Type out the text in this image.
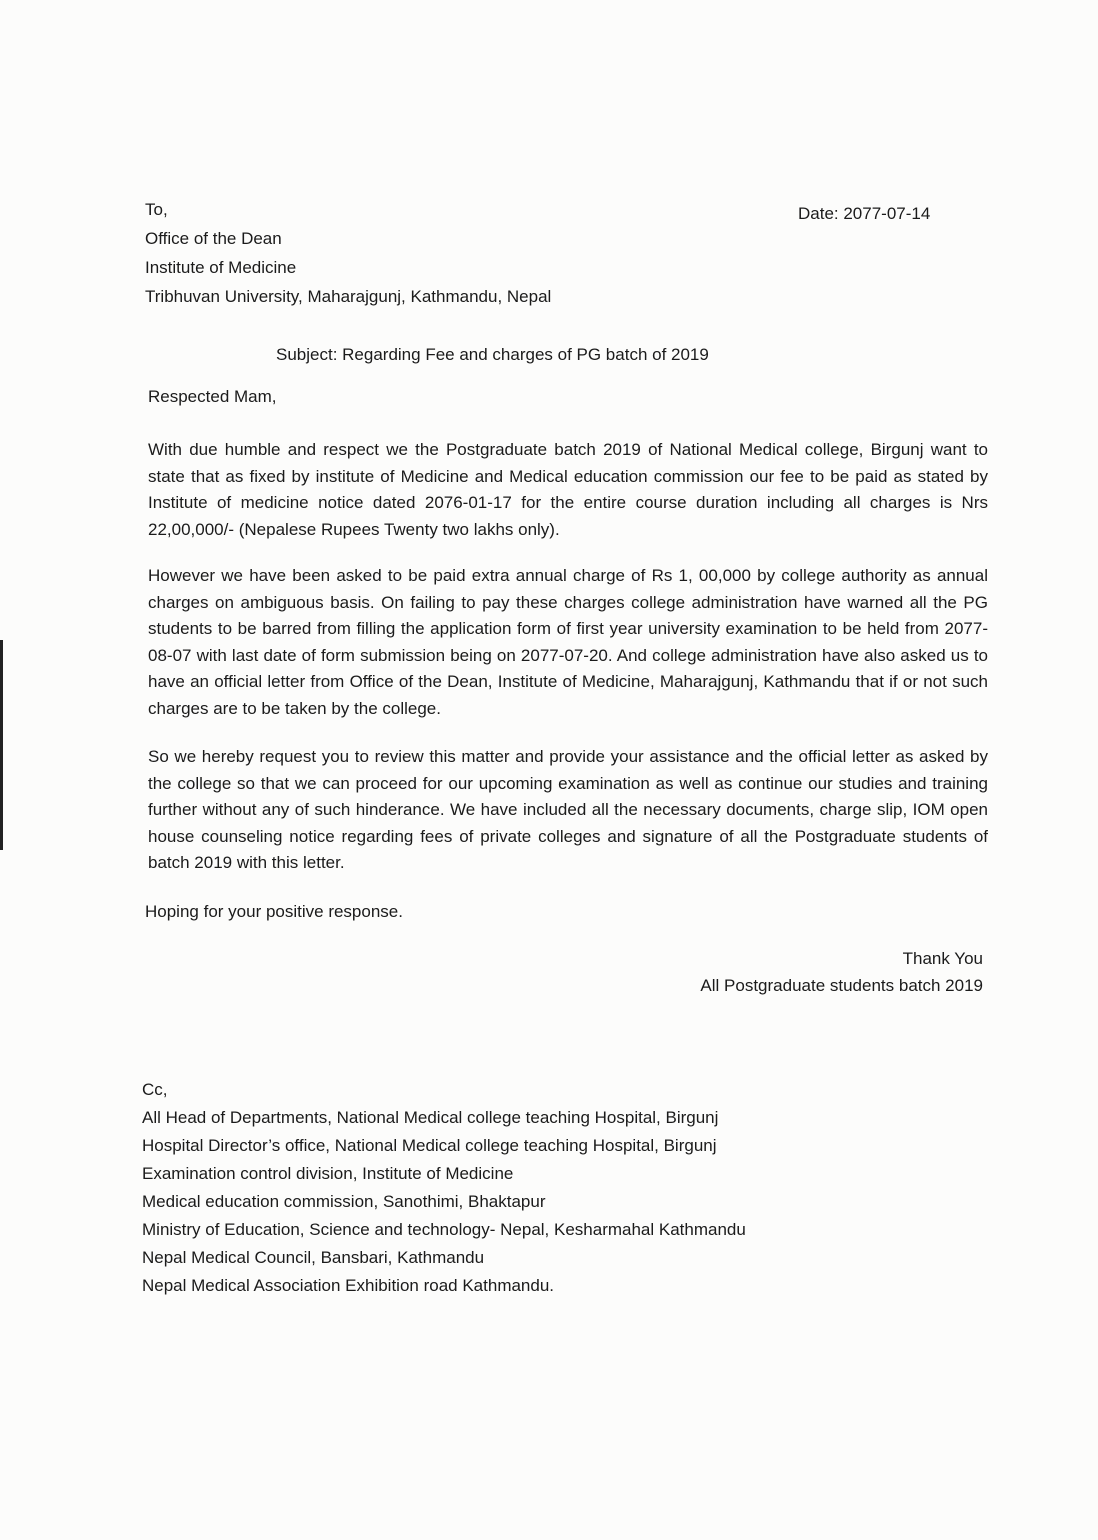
To,
Office of the Dean
Institute of Medicine
Tribhuvan University, Maharajgunj, Kathmandu, Nepal
Date: 2077-07-14
Subject: Regarding Fee and charges of PG batch of 2019
Respected Mam,
With due humble and respect we the Postgraduate batch 2019 of National Medical college, Birgunj want to state that as fixed by institute of Medicine and Medical education commission our fee to be paid as stated by Institute of medicine notice dated 2076-01-17 for the entire course duration including all charges is Nrs 22,00,000/- (Nepalese Rupees Twenty two lakhs only).
However we have been asked to be paid extra annual charge of Rs 1, 00,000 by college authority as annual charges on ambiguous basis. On failing to pay these charges college administration have warned all the PG students to be barred from filling the application form of first year university examination to be held from 2077-08-07 with last date of form submission being on 2077-07-20. And college administration have also asked us to have an official letter from Office of the Dean, Institute of Medicine, Maharajgunj, Kathmandu that if or not such charges are to be taken by the college.
So we hereby request you to review this matter and provide your assistance and the official letter as asked by the college so that we can proceed for our upcoming examination as well as continue our studies and training further without any of such hinderance. We have included all the necessary documents, charge slip, IOM open house counseling notice regarding fees of private colleges and signature of all the Postgraduate students of batch 2019 with this letter.
Hoping for your positive response.
Thank You
All Postgraduate students batch 2019
Cc,
All Head of Departments, National Medical college teaching Hospital, Birgunj
Hospital Director’s office, National Medical college teaching Hospital, Birgunj
Examination control division, Institute of Medicine
Medical education commission, Sanothimi, Bhaktapur
Ministry of Education, Science and technology- Nepal, Kesharmahal Kathmandu
Nepal Medical Council, Bansbari, Kathmandu
Nepal Medical Association Exhibition road Kathmandu.
